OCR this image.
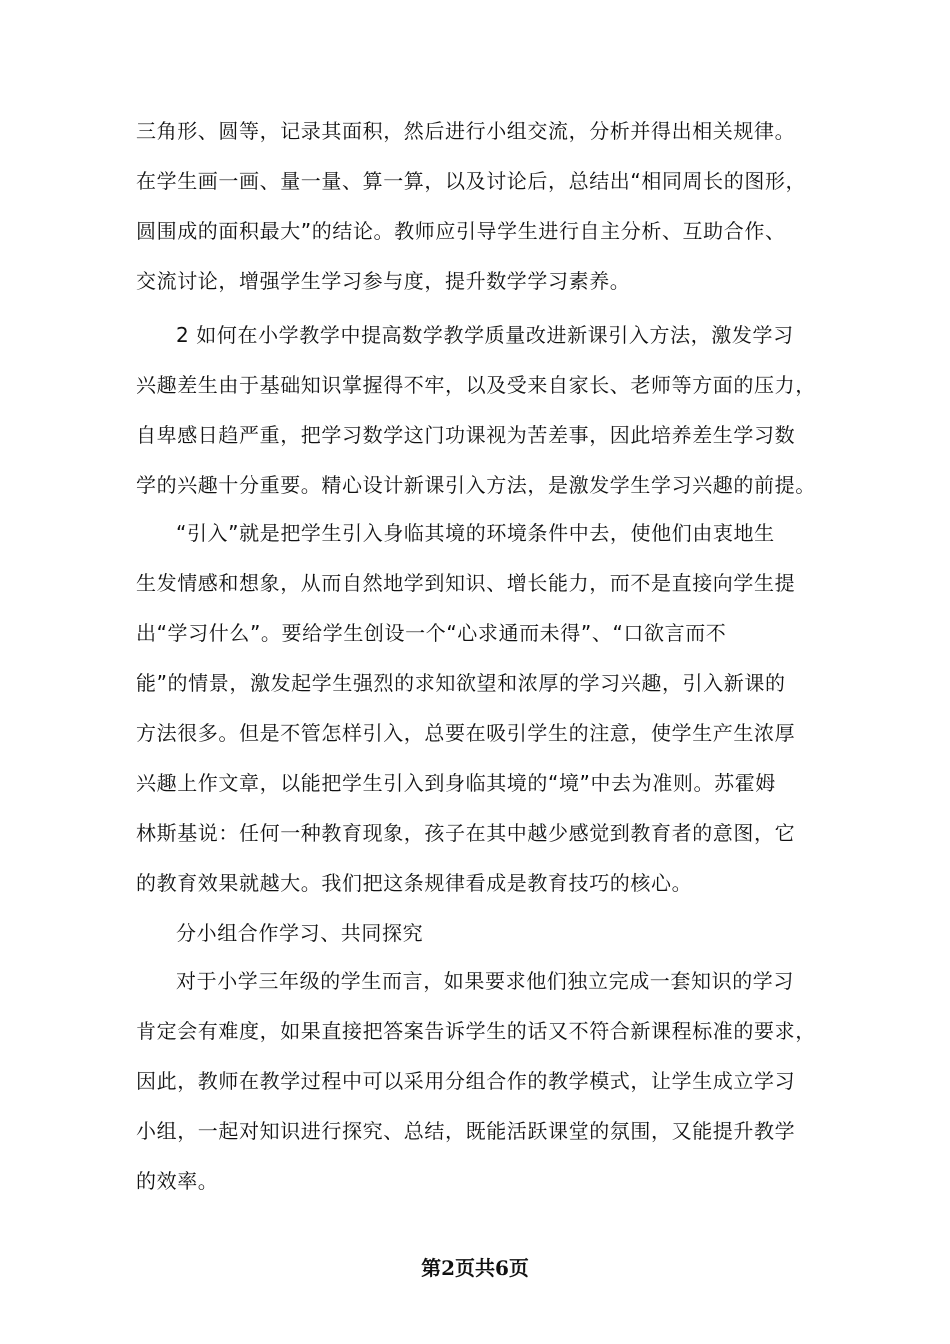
三角形、圆等，记录其面积，然后进行小组交流，分析并得出相关规律。
在学生画一画、量一量、算一算，以及讨论后，总结出“相同周长的图形，
圆围成的面积最大”的结论。教师应引导学生进行自主分析、互助合作、
交流讨论，增强学生学习参与度，提升数学学习素养。
2 如何在小学教学中提高数学教学质量改进新课引入方法，激发学习
兴趣差生由于基础知识掌握得不牢，以及受来自家长、老师等方面的压力，
自卑感日趋严重，把学习数学这门功课视为苦差事，因此培养差生学习数
学的兴趣十分重要。精心设计新课引入方法，是激发学生学习兴趣的前提。
“引入”就是把学生引入身临其境的环境条件中去，使他们由衷地生
生发情感和想象，从而自然地学到知识、增长能力，而不是直接向学生提
出“学习什么”。要给学生创设一个“心求通而未得”、“口欲言而不
能”的情景，激发起学生强烈的求知欲望和浓厚的学习兴趣，引入新课的
方法很多。但是不管怎样引入，总要在吸引学生的注意，使学生产生浓厚
兴趣上作文章，以能把学生引入到身临其境的“境”中去为准则。苏霍姆
林斯基说：任何一种教育现象，孩子在其中越少感觉到教育者的意图，它
的教育效果就越大。我们把这条规律看成是教育技巧的核心。
分小组合作学习、共同探究
对于小学三年级的学生而言，如果要求他们独立完成一套知识的学习
肯定会有难度，如果直接把答案告诉学生的话又不符合新课程标准的要求，
因此，教师在教学过程中可以采用分组合作的教学模式，让学生成立学习
小组，一起对知识进行探究、总结，既能活跃课堂的氛围，又能提升教学
的效率。
第2页共6页
